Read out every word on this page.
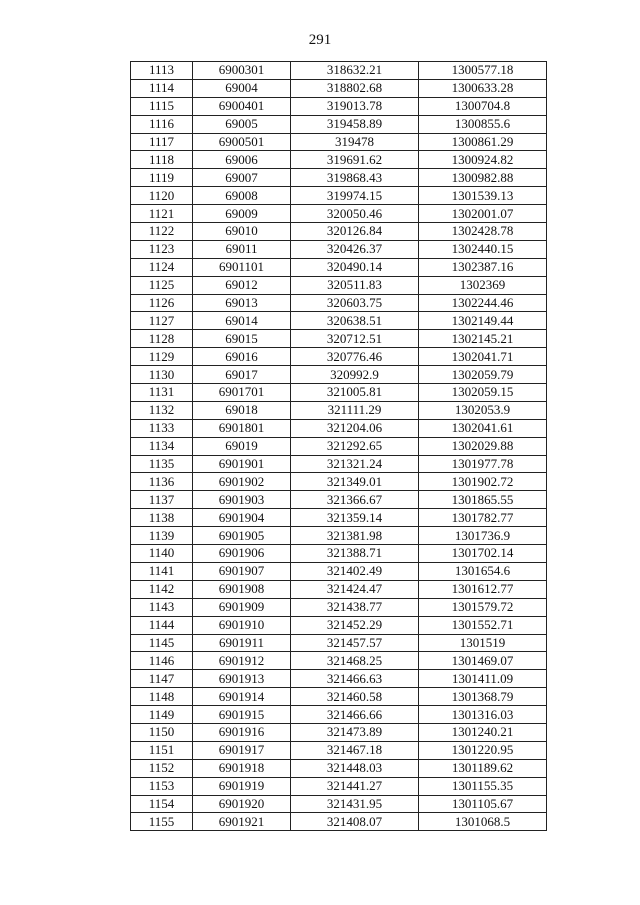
291
1113	6900301	318632.21	1300577.18
1114	69004	318802.68	1300633.28
1115	6900401	319013.78	1300704.8
1116	69005	319458.89	1300855.6
1117	6900501	319478	1300861.29
1118	69006	319691.62	1300924.82
1119	69007	319868.43	1300982.88
1120	69008	319974.15	1301539.13
1121	69009	320050.46	1302001.07
1122	69010	320126.84	1302428.78
1123	69011	320426.37	1302440.15
1124	6901101	320490.14	1302387.16
1125	69012	320511.83	1302369
1126	69013	320603.75	1302244.46
1127	69014	320638.51	1302149.44
1128	69015	320712.51	1302145.21
1129	69016	320776.46	1302041.71
1130	69017	320992.9	1302059.79
1131	6901701	321005.81	1302059.15
1132	69018	321111.29	1302053.9
1133	6901801	321204.06	1302041.61
1134	69019	321292.65	1302029.88
1135	6901901	321321.24	1301977.78
1136	6901902	321349.01	1301902.72
1137	6901903	321366.67	1301865.55
1138	6901904	321359.14	1301782.77
1139	6901905	321381.98	1301736.9
1140	6901906	321388.71	1301702.14
1141	6901907	321402.49	1301654.6
1142	6901908	321424.47	1301612.77
1143	6901909	321438.77	1301579.72
1144	6901910	321452.29	1301552.71
1145	6901911	321457.57	1301519
1146	6901912	321468.25	1301469.07
1147	6901913	321466.63	1301411.09
1148	6901914	321460.58	1301368.79
1149	6901915	321466.66	1301316.03
1150	6901916	321473.89	1301240.21
1151	6901917	321467.18	1301220.95
1152	6901918	321448.03	1301189.62
1153	6901919	321441.27	1301155.35
1154	6901920	321431.95	1301105.67
1155	6901921	321408.07	1301068.5
